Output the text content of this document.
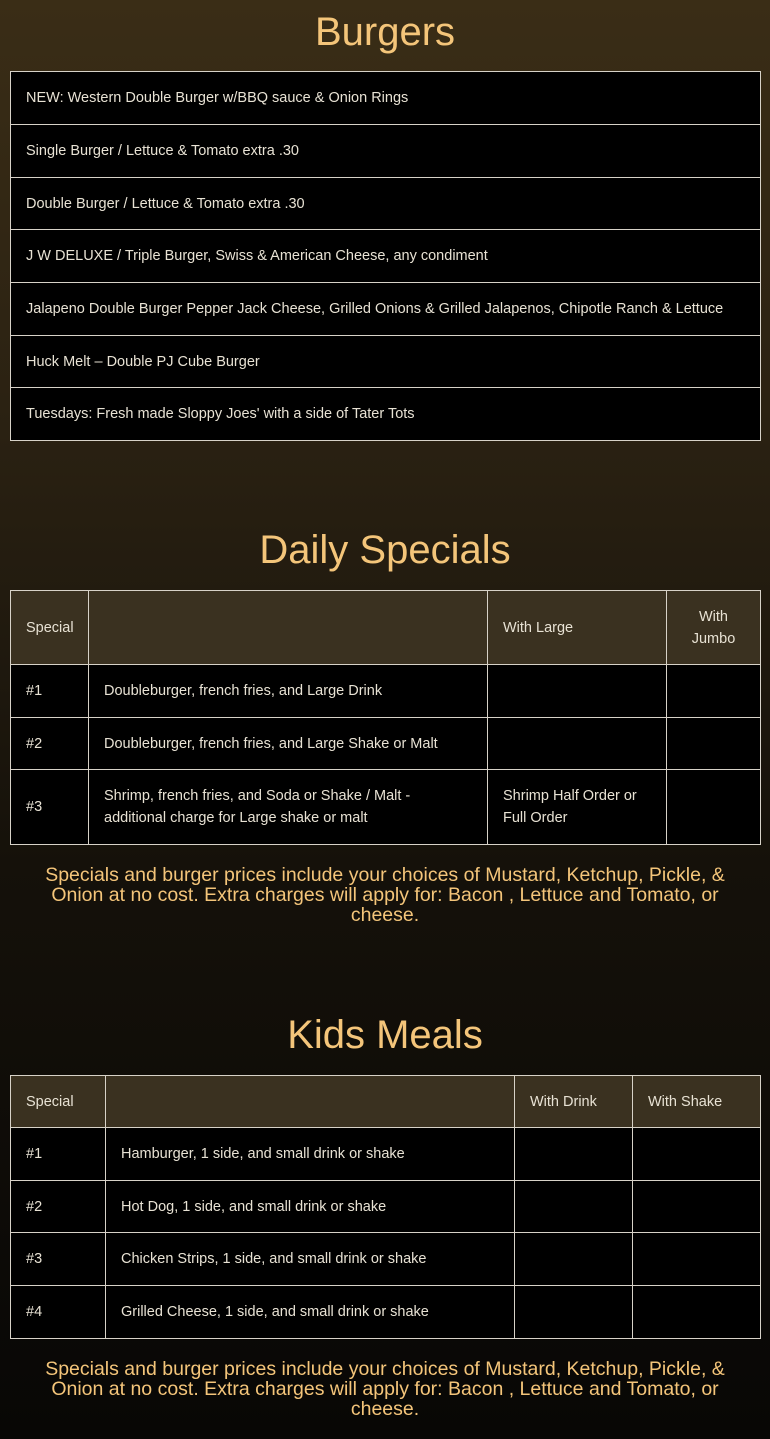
Burgers
NEW: Western Double Burger w/BBQ sauce & Onion Rings
Single Burger / Lettuce & Tomato extra .30
Double Burger / Lettuce & Tomato extra .30
J W DELUXE / Triple Burger, Swiss & American Cheese, any condiment
Jalapeno Double Burger Pepper Jack Cheese, Grilled Onions & Grilled Jalapenos, Chipotle Ranch & Lettuce
Huck Melt – Double PJ Cube Burger
Tuesdays: Fresh made Sloppy Joes' with a side of Tater Tots
Daily Specials
Special		With Large	With Jumbo
#1	Doubleburger, french fries, and Large Drink		
#2	Doubleburger, french fries, and Large Shake or Malt		
#3	Shrimp, french fries, and Soda or Shake / Malt - additional charge for Large shake or malt	Shrimp Half Order or Full Order	

Specials and burger prices include your choices of Mustard, Ketchup, Pickle, & Onion at no cost. Extra charges will apply for: Bacon , Lettuce and Tomato, or cheese.

Kids Meals
Special		With Drink	With Shake
#1	Hamburger, 1 side, and small drink or shake		
#2	Hot Dog, 1 side, and small drink or shake		
#3	Chicken Strips, 1 side, and small drink or shake		
#4	Grilled Cheese, 1 side, and small drink or shake		

Specials and burger prices include your choices of Mustard, Ketchup, Pickle, & Onion at no cost. Extra charges will apply for: Bacon , Lettuce and Tomato, or cheese.
